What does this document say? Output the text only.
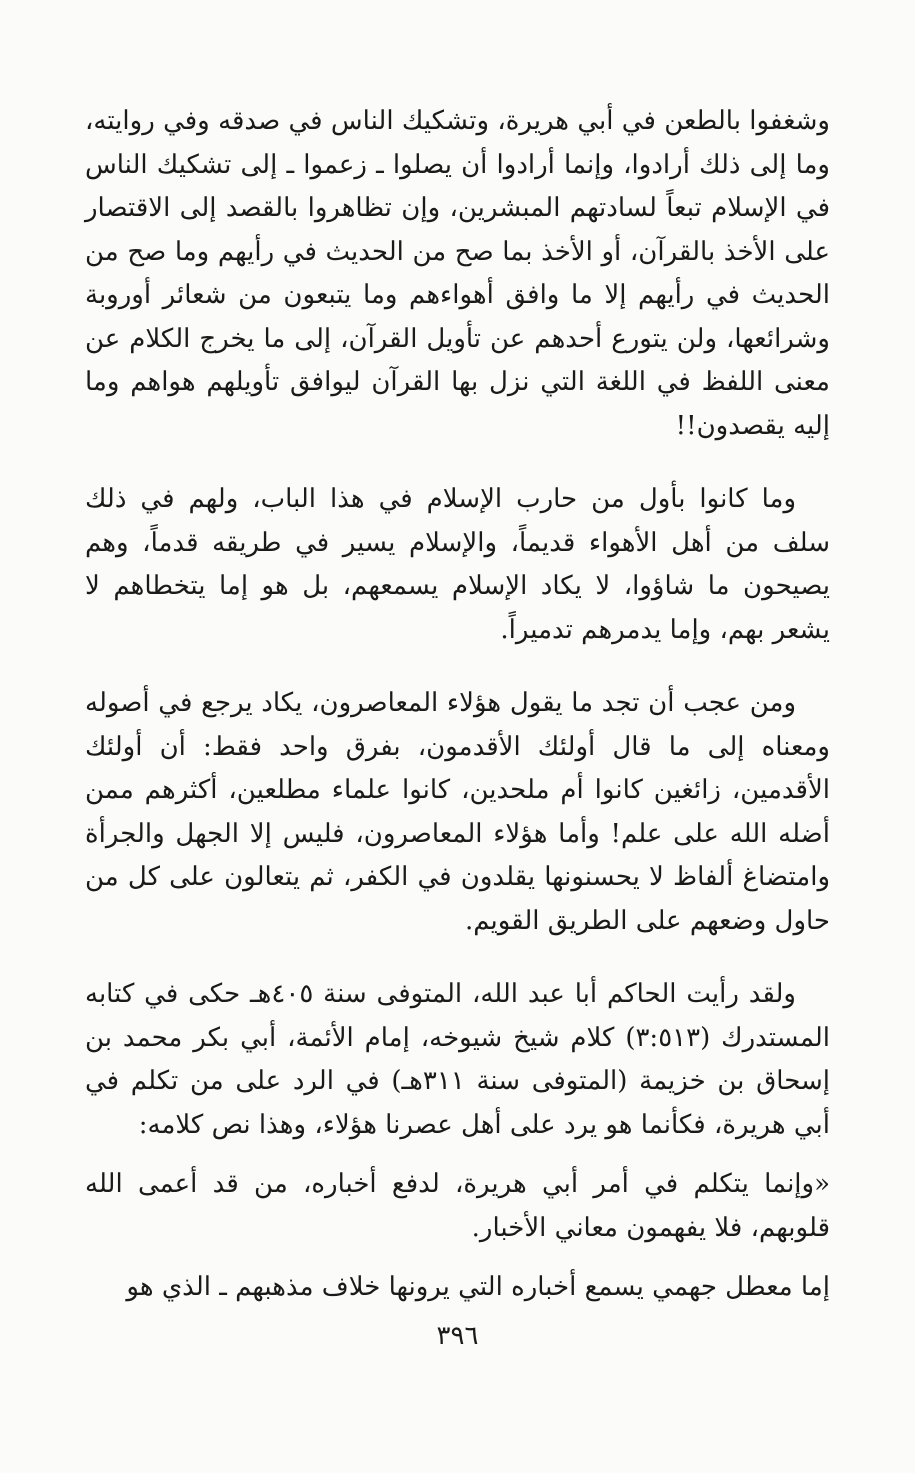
وشغفوا بالطعن في أبي هريرة، وتشكيك الناس في صدقه وفي روايته، وما إلى ذلك أرادوا، وإنما أرادوا أن يصلوا ـ زعموا ـ إلى تشكيك الناس في الإسلام تبعاً لسادتهم المبشرين، وإن تظاهروا بالقصد إلى الاقتصار على الأخذ بالقرآن، أو الأخذ بما صح من الحديث في رأيهم وما صح من الحديث في رأيهم إلا ما وافق أهواءهم وما يتبعون من شعائر أوروبة وشرائعها، ولن يتورع أحدهم عن تأويل القرآن، إلى ما يخرج الكلام عن معنى اللفظ في اللغة التي نزل بها القرآن ليوافق تأويلهم هواهم وما إليه يقصدون!!

وما كانوا بأول من حارب الإسلام في هذا الباب، ولهم في ذلك سلف من أهل الأهواء قديماً، والإسلام يسير في طريقه قدماً، وهم يصيحون ما شاؤوا، لا يكاد الإسلام يسمعهم، بل هو إما يتخطاهم لا يشعر بهم، وإما يدمرهم تدميراً.

ومن عجب أن تجد ما يقول هؤلاء المعاصرون، يكاد يرجع في أصوله ومعناه إلى ما قال أولئك الأقدمون، بفرق واحد فقط: أن أولئك الأقدمين، زائغين كانوا أم ملحدين، كانوا علماء مطلعين، أكثرهم ممن أضله الله على علم! وأما هؤلاء المعاصرون، فليس إلا الجهل والجرأة وامتضاغ ألفاظ لا يحسنونها يقلدون في الكفر، ثم يتعالون على كل من حاول وضعهم على الطريق القويم.

ولقد رأيت الحاكم أبا عبد الله، المتوفى سنة ٤٠٥هـ حكى في كتابه المستدرك (٣:٥١٣) كلام شيخ شيوخه، إمام الأئمة، أبي بكر محمد بن إسحاق بن خزيمة (المتوفى سنة ٣١١هـ) في الرد على من تكلم في أبي هريرة، فكأنما هو يرد على أهل عصرنا هؤلاء، وهذا نص كلامه:

«وإنما يتكلم في أمر أبي هريرة، لدفع أخباره، من قد أعمى الله قلوبهم، فلا يفهمون معاني الأخبار.

إما معطل جهمي يسمع أخباره التي يرونها خلاف مذهبهم ـ الذي هو

٣٩٦
